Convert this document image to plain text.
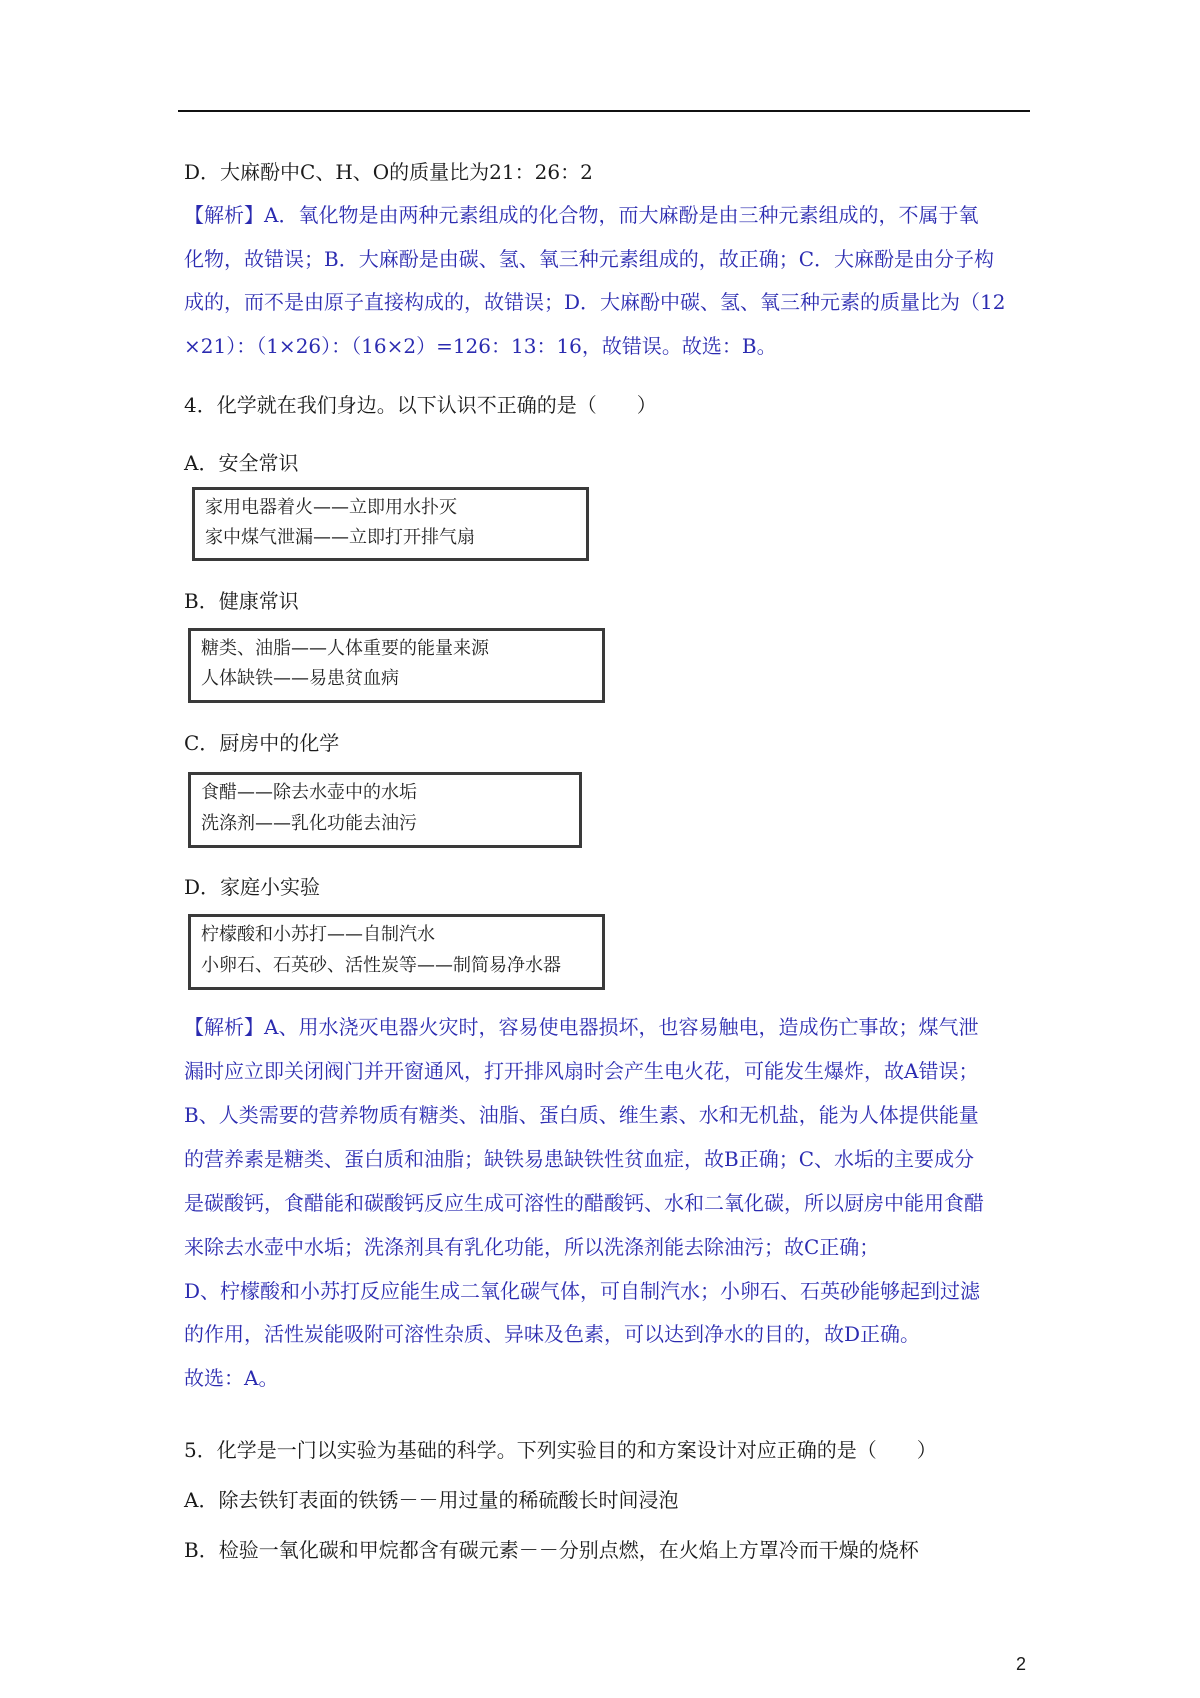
D．大麻酚中C、H、O的质量比为21：26：2
【解析】A．氧化物是由两种元素组成的化合物，而大麻酚是由三种元素组成的，不属于氧
化物，故错误；B．大麻酚是由碳、氢、氧三种元素组成的，故正确；C．大麻酚是由分子构
成的，而不是由原子直接构成的，故错误；D．大麻酚中碳、氢、氧三种元素的质量比为（12
×21）：（1×26）：（16×2）=126：13：16，故错误。故选：B。
4．化学就在我们身边。以下认识不正确的是（　　）
A．安全常识
家用电器着火——立即用水扑灭
家中煤气泄漏——立即打开排气扇
B．健康常识
糖类、油脂——人体重要的能量来源
人体缺铁——易患贫血病
C．厨房中的化学
食醋——除去水壶中的水垢
洗涤剂——乳化功能去油污
D．家庭小实验
柠檬酸和小苏打——自制汽水
小卵石、石英砂、活性炭等——制简易净水器
【解析】A、用水浇灭电器火灾时，容易使电器损坏，也容易触电，造成伤亡事故；煤气泄
漏时应立即关闭阀门并开窗通风，打开排风扇时会产生电火花，可能发生爆炸，故A错误；
B、人类需要的营养物质有糖类、油脂、蛋白质、维生素、水和无机盐，能为人体提供能量
的营养素是糖类、蛋白质和油脂；缺铁易患缺铁性贫血症，故B正确；C、水垢的主要成分
是碳酸钙，食醋能和碳酸钙反应生成可溶性的醋酸钙、水和二氧化碳，所以厨房中能用食醋
来除去水壶中水垢；洗涤剂具有乳化功能，所以洗涤剂能去除油污；故C正确；
D、柠檬酸和小苏打反应能生成二氧化碳气体，可自制汽水；小卵石、石英砂能够起到过滤
的作用，活性炭能吸附可溶性杂质、异味及色素，可以达到净水的目的，故D正确。
故选：A。
5．化学是一门以实验为基础的科学。下列实验目的和方案设计对应正确的是（　　）
A．除去铁钉表面的铁锈－－用过量的稀硫酸长时间浸泡
B．检验一氧化碳和甲烷都含有碳元素－－分别点燃，在火焰上方罩冷而干燥的烧杯
2
